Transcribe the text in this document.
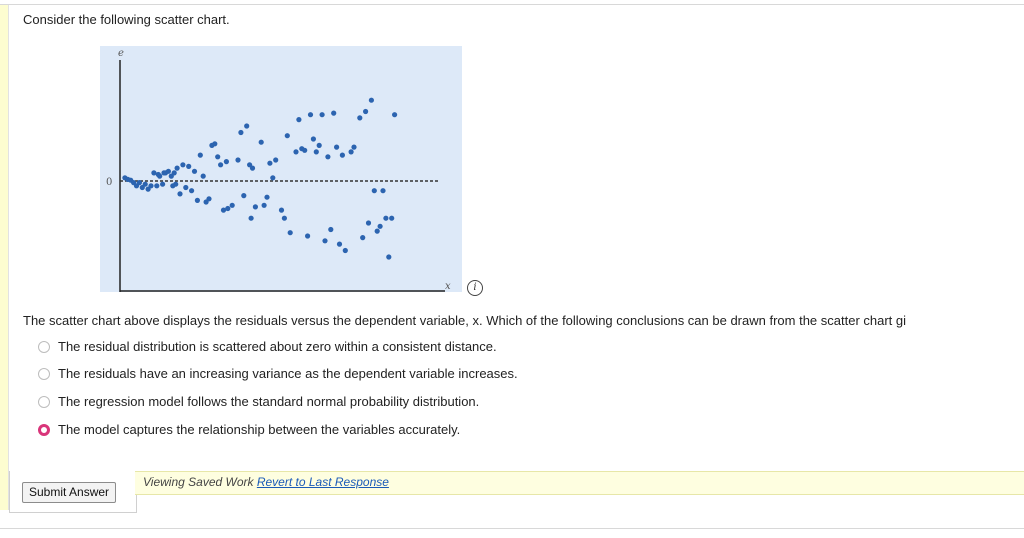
Consider the following scatter chart.
e
0
x	i
The scatter chart above displays the residuals versus the dependent variable, x. Which of the following conclusions can be drawn from the scatter chart gi
The residual distribution is scattered about zero within a consistent distance.
The residuals have an increasing variance as the dependent variable increases.
The regression model follows the standard normal probability distribution.
The model captures the relationship between the variables accurately.
Submit Answer
Viewing Saved Work Revert to Last Response
